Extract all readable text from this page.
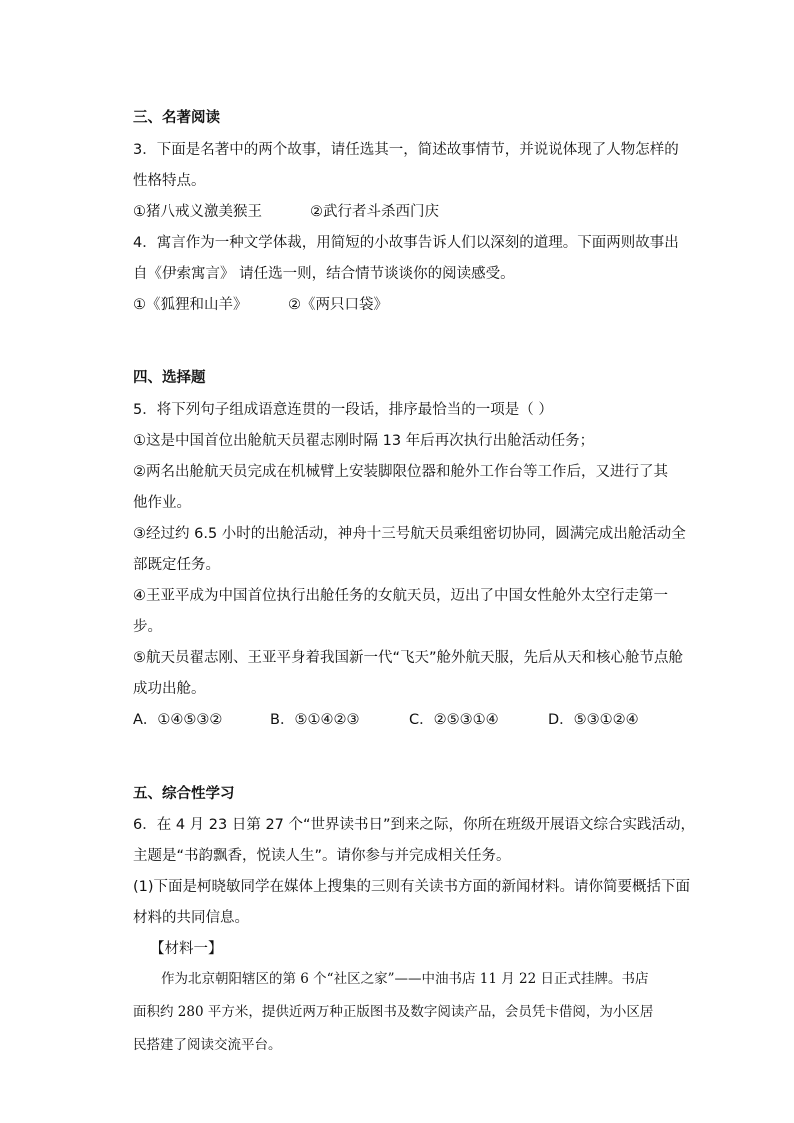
三、名著阅读
3．下面是名著中的两个故事，请任选其一，简述故事情节，并说说体现了人物怎样的
性格特点。
①猪八戒义激美猴王	②武行者斗杀西门庆
4．寓言作为一种文学体裁，用简短的小故事告诉人们以深刻的道理。下面两则故事出
自《伊索寓言》 请任选一则，结合情节谈谈你的阅读感受。
①《狐狸和山羊》	②《两只口袋》
四、选择题
5．将下列句子组成语意连贯的一段话，排序最恰当的一项是（ ）
①这是中国首位出舱航天员翟志刚时隔 13 年后再次执行出舱活动任务；
②两名出舱航天员完成在机械臂上安装脚限位器和舱外工作台等工作后，又进行了其
他作业。
③经过约 6.5 小时的出舱活动，神舟十三号航天员乘组密切协同，圆满完成出舱活动全
部既定任务。
④王亚平成为中国首位执行出舱任务的女航天员，迈出了中国女性舱外太空行走第一
步。
⑤航天员翟志刚、王亚平身着我国新一代“飞天”舱外航天服，先后从天和核心舱节点舱
成功出舱。
A．①④⑤③②	B．⑤①④②③	C．②⑤③①④	D．⑤③①②④
五、综合性学习
6．在 4 月 23 日第 27 个“世界读书日”到来之际，你所在班级开展语文综合实践活动，
主题是“书韵飘香，悦读人生”。请你参与并完成相关任务。
(1)下面是柯晓敏同学在媒体上搜集的三则有关读书方面的新闻材料。请你简要概括下面
材料的共同信息。
【材料一】
作为北京朝阳辖区的第 6 个“社区之家”——中油书店 11 月 22 日正式挂牌。书店
面积约 280 平方米，提供近两万种正版图书及数字阅读产品，会员凭卡借阅，为小区居
民搭建了阅读交流平台。
